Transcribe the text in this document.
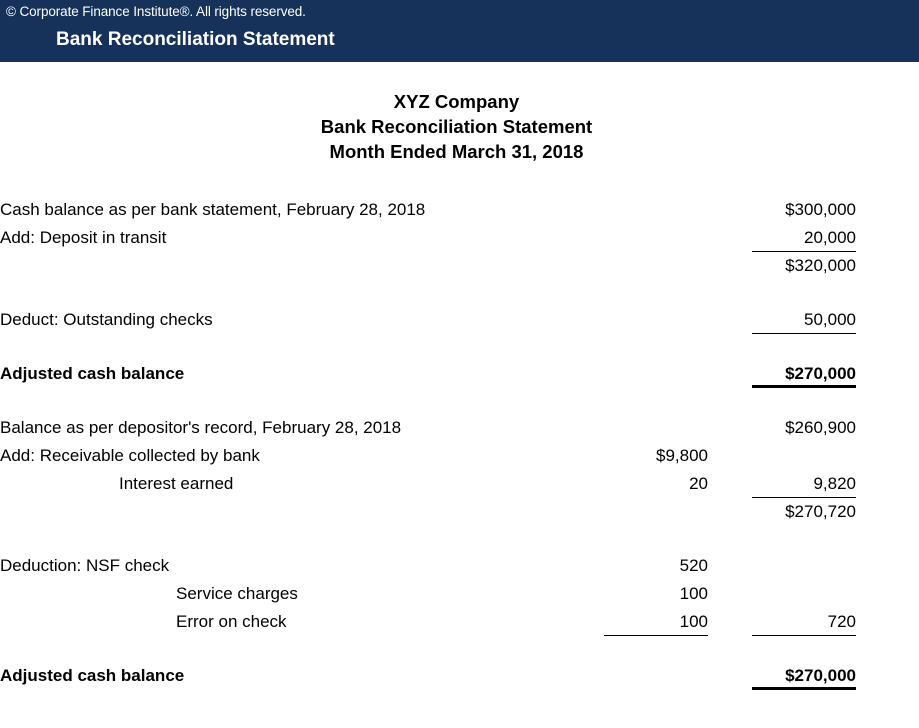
© Corporate Finance Institute®. All rights reserved.
Bank Reconciliation Statement
XYZ Company
Bank Reconciliation Statement
Month Ended March 31, 2018
Cash balance as per bank statement, February 28, 2018			$300,000	
Add: Deposit in transit			20,000	
			$320,000	

Deduct: Outstanding checks			50,000	

Adjusted cash balance			$270,000	

Balance as per depositor's record, February 28, 2018			$260,900	
Add: Receivable collected by bank	$9,800			
Interest earned	20		9,820	
			$270,720	

Deduction: NSF check	520			
Service charges	100			
Error on check	100		720	

Adjusted cash balance			$270,000	
